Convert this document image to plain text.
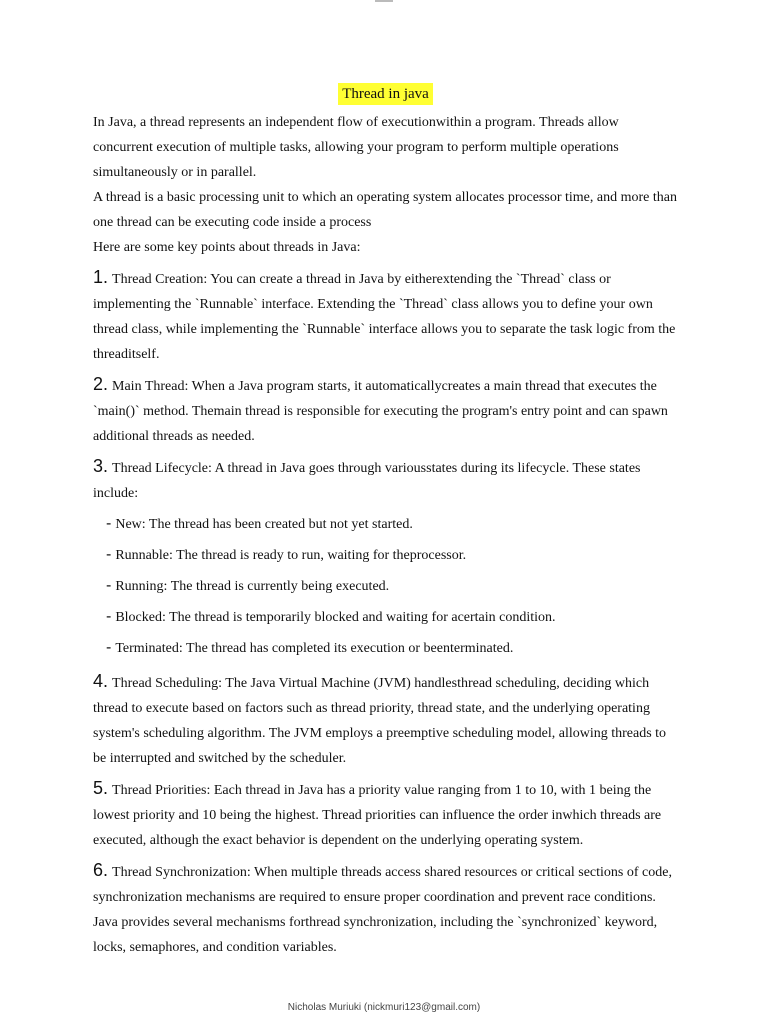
Thread in java

In Java, a thread represents an independent flow of executionwithin a program. Threads allow concurrent execution of multiple tasks, allowing your program to perform multiple operations simultaneously or in parallel.

A thread is a basic processing unit to which an operating system allocates processor time, and more than one thread can be executing code inside a process

Here are some key points about threads in Java:

1. Thread Creation: You can create a thread in Java by eitherextending the `Thread` class or implementing the `Runnable` interface. Extending the `Thread` class allows you to define your own thread class, while implementing the `Runnable` interface allows you to separate the task logic from the threaditself.

2. Main Thread: When a Java program starts, it automaticallycreates a main thread that executes the `main()` method. Themain thread is responsible for executing the program's entry point and can spawn additional threads as needed.

3. Thread Lifecycle: A thread in Java goes through variousstates during its lifecycle. These states include:

- New: The thread has been created but not yet started.
- Runnable: The thread is ready to run, waiting for theprocessor.
- Running: The thread is currently being executed.
- Blocked: The thread is temporarily blocked and waiting for acertain condition.
- Terminated: The thread has completed its execution or beenterminated.

4. Thread Scheduling: The Java Virtual Machine (JVM) handlesthread scheduling, deciding which thread to execute based on factors such as thread priority, thread state, and the underlying operating system's scheduling algorithm. The JVM employs a preemptive scheduling model, allowing threads to be interrupted and switched by the scheduler.

5. Thread Priorities: Each thread in Java has a priority value ranging from 1 to 10, with 1 being the lowest priority and 10 being the highest. Thread priorities can influence the order inwhich threads are executed, although the exact behavior is dependent on the underlying operating system.

6. Thread Synchronization: When multiple threads access shared resources or critical sections of code, synchronization mechanisms are required to ensure proper coordination and prevent race conditions. Java provides several mechanisms forthread synchronization, including the `synchronized` keyword, locks, semaphores, and condition variables.

Nicholas Muriuki (nickmuri123@gmail.com)
